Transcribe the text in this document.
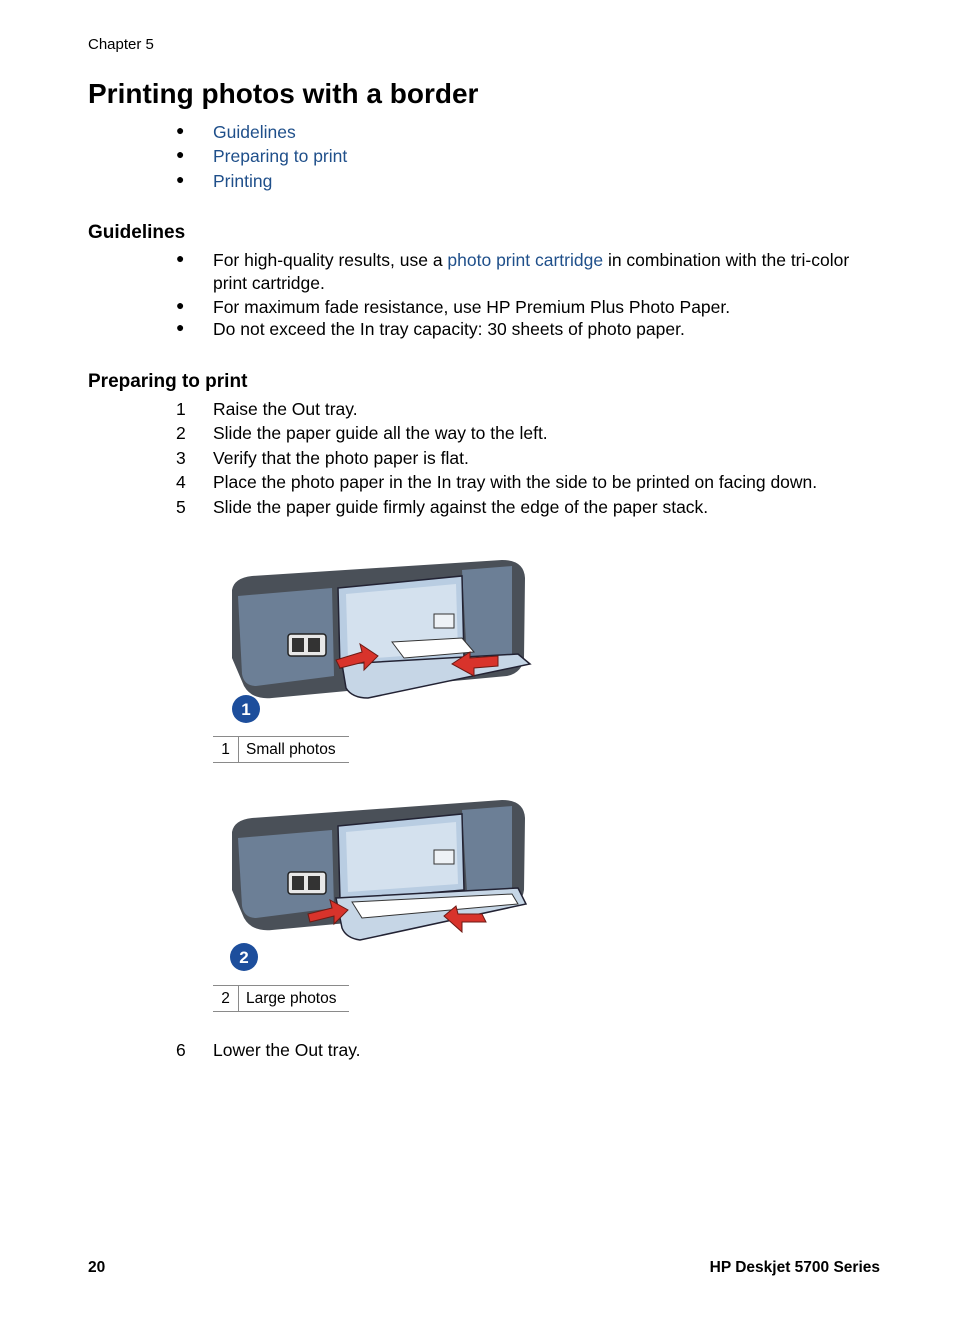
Chapter 5
Printing photos with a border
●	Guidelines
●	Preparing to print
●	Printing
Guidelines
●	For high-quality results, use a photo print cartridge in combination with the tri-color
print cartridge.
●	For maximum fade resistance, use HP Premium Plus Photo Paper.
●	Do not exceed the In tray capacity: 30 sheets of photo paper.
Preparing to print
1	Raise the Out tray.
2	Slide the paper guide all the way to the left.
3	Verify that the photo paper is flat.
4	Place the photo paper in the In tray with the side to be printed on facing down.
5	Slide the paper guide firmly against the edge of the paper stack.
1
1	Small photos
2
2	Large photos
6	Lower the Out tray.
20	HP Deskjet 5700 Series
